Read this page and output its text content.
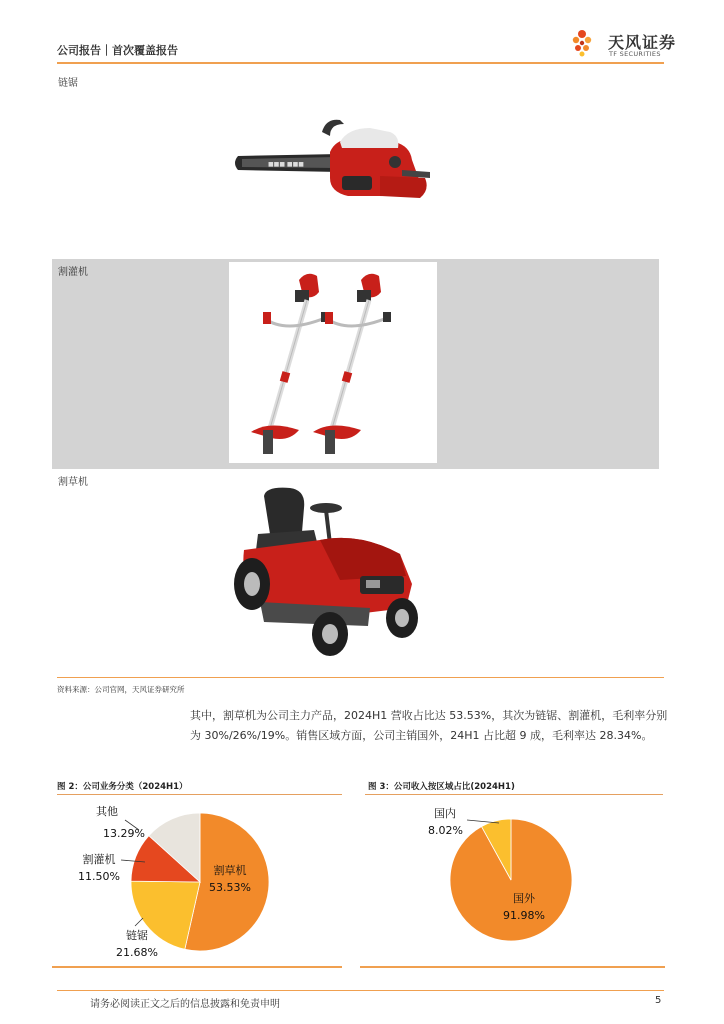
公司报告｜首次覆盖报告	天风证券
TF SECURITIES
链锯
■■■ ■■■
割灌机
割草机
资料来源：公司官网，天风证券研究所
其中，割草机为公司主力产品，2024H1 营收占比达 53.53%，其次为链锯、割灌机，毛利率分别为 30%/26%/19%。销售区域方面，公司主销国外，24H1 占比超 9 成，毛利率达 28.34%。
图 2：公司业务分类（2024H1）
其他
13.29%
割灌机
11.50%	割草机
53.53%
链锯
21.68%
图 3：公司收入按区域占比(2024H1)
国内
8.02%
国外
91.98%
请务必阅读正文之后的信息披露和免责申明	5
